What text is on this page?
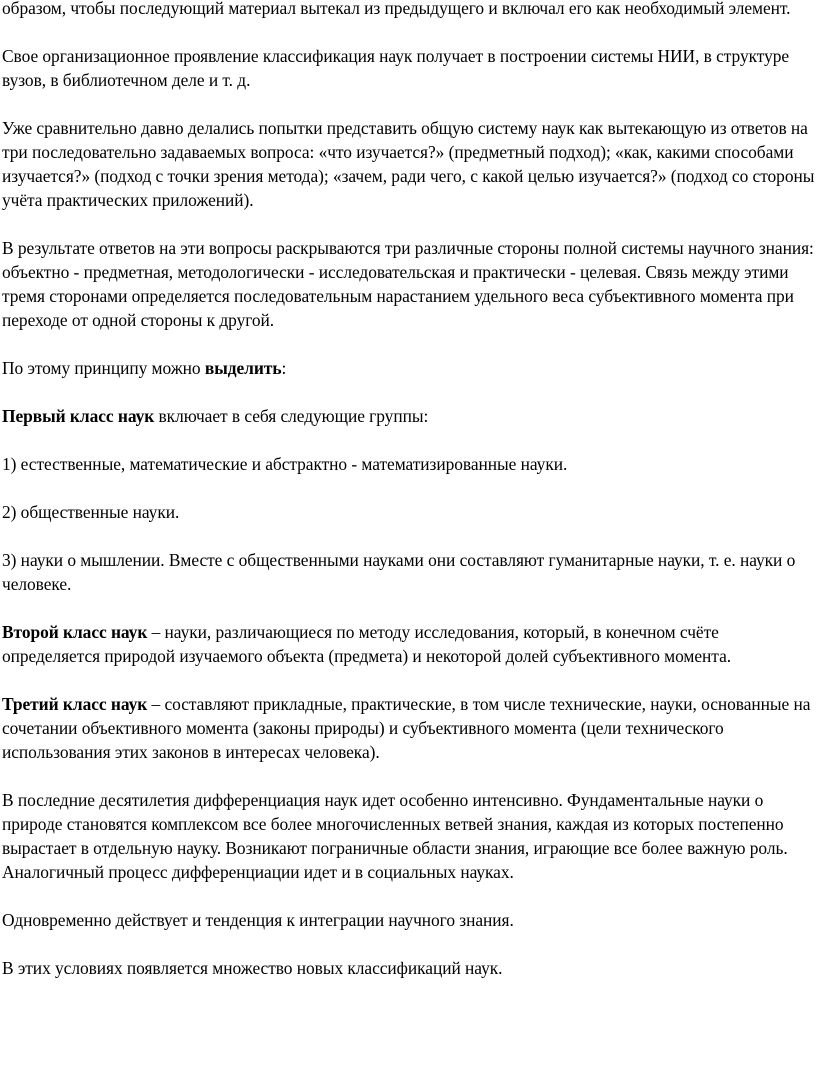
образом, чтобы последующий материал вытекал из предыдущего и включал его как необходимый элемент.

Свое организационное проявление классификация наук получает в построении системы НИИ, в структуре вузов, в библиотечном деле и т. д.

Уже сравнительно давно делались попытки представить общую систему наук как вытекающую из ответов на три последовательно задаваемых вопроса: «что изучается?» (предметный подход); «как, какими способами изучается?» (подход с точки зрения метода); «зачем, ради чего, с какой целью изучается?» (подход со стороны учёта практических приложений).

В результате ответов на эти вопросы раскрываются три различные стороны полной системы научного знания: объектно - предметная, методологически - исследовательская и практически - целевая. Связь между этими тремя сторонами определяется последовательным нарастанием удельного веса субъективного момента при переходе от одной стороны к другой.

По этому принципу можно выделить:

Первый класс наук включает в себя следующие группы:

1) естественные, математические и абстрактно - математизированные науки.

2) общественные науки.

3) науки о мышлении. Вместе с общественными науками они составляют гуманитарные науки, т. е. науки о человеке.

Второй класс наук – науки, различающиеся по методу исследования, который, в конечном счёте определяется природой изучаемого объекта (предмета) и некоторой долей субъективного момента.

Третий класс наук – составляют прикладные, практические, в том числе технические, науки, основанные на сочетании объективного момента (законы природы) и субъективного момента (цели технического использования этих законов в интересах человека).

В последние десятилетия дифференциация наук идет особенно интенсивно. Фундаментальные науки о природе становятся комплексом все более многочисленных ветвей знания, каждая из которых постепенно вырастает в отдельную науку. Возникают пограничные области знания, играющие все более важную роль. Аналогичный процесс дифференциации идет и в социальных науках.

Одновременно действует и тенденция к интеграции научного знания.

В этих условиях появляется множество новых классификаций наук.
